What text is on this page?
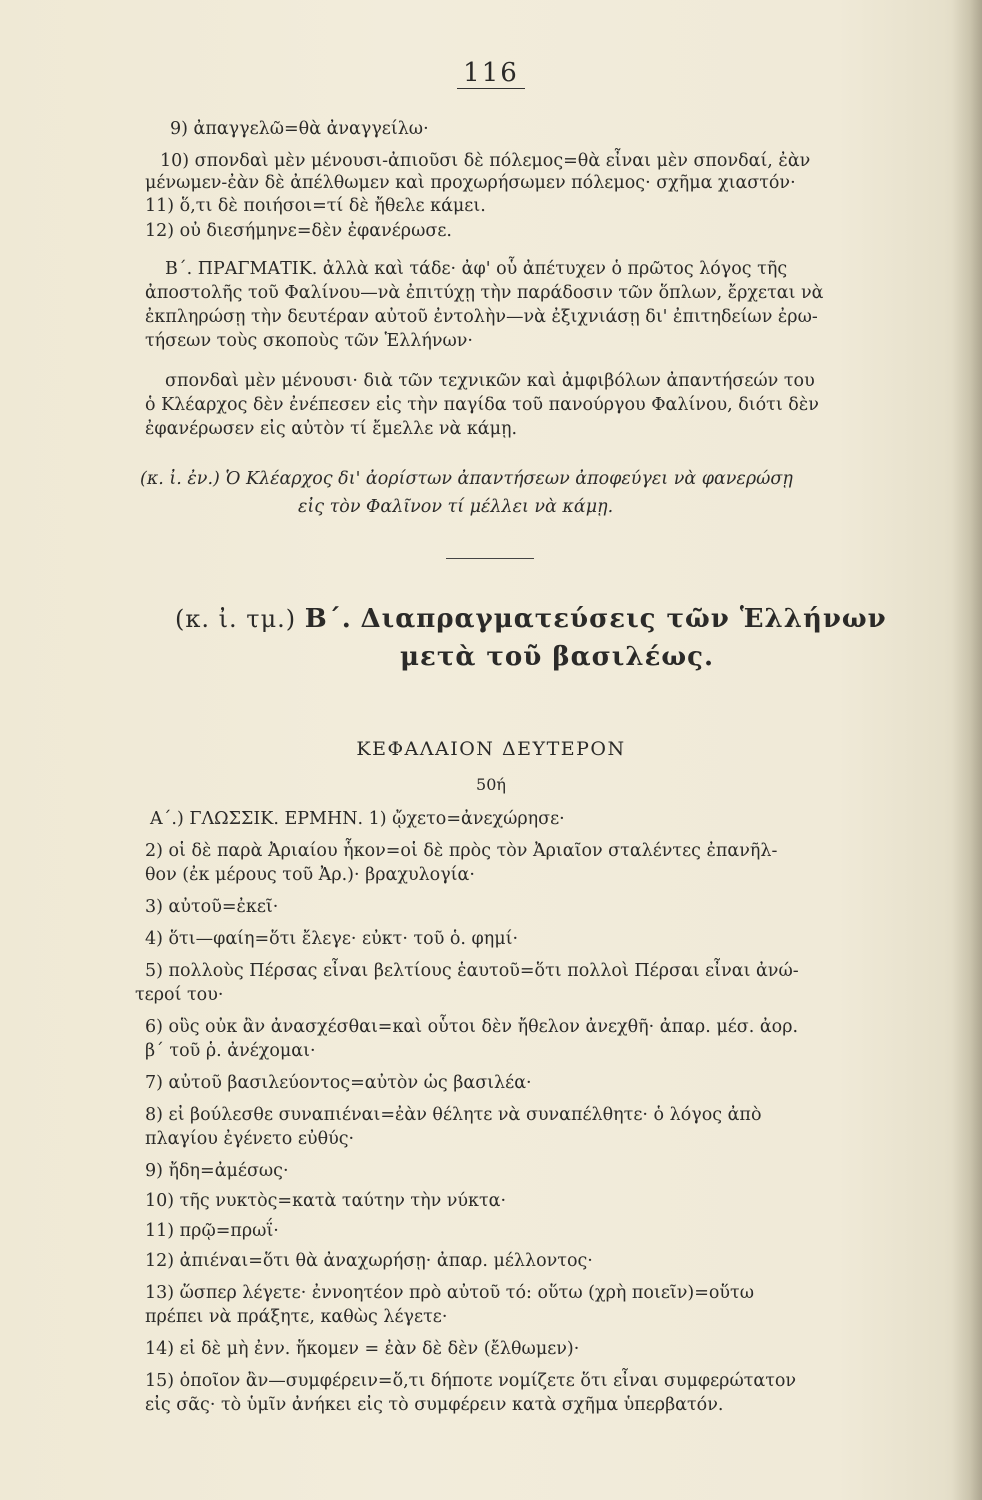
116
9) ἀπαγγελῶ=θὰ ἀναγγείλω·
10) σπονδαὶ μὲν μένουσι-ἀπιοῦσι δὲ πόλεμος=θὰ εἶναι μὲν σπονδαί, ἐὰν
μένωμεν-ἐὰν δὲ ἀπέλθωμεν καὶ προχωρήσωμεν πόλεμος· σχῆμα χιαστόν·
11) ὅ,τι δὲ ποιήσοι=τί δὲ ἤθελε κάμει.
12) οὐ διεσήμηνε=δὲν ἐφανέρωσε.
Β΄. ΠΡΑΓΜΑΤΙΚ. ἀλλὰ καὶ τάδε· ἀφ' οὗ ἀπέτυχεν ὁ πρῶτος λόγος τῆς
ἀποστολῆς τοῦ Φαλίνου—νὰ ἐπιτύχῃ τὴν παράδοσιν τῶν ὅπλων, ἔρχεται νὰ
ἐκπληρώσῃ τὴν δευτέραν αὐτοῦ ἐντολὴν—νὰ ἐξιχνιάσῃ δι' ἐπιτηδείων ἐρω-
τήσεων τοὺς σκοποὺς τῶν Ἑλλήνων·
σπονδαὶ μὲν μένουσι· διὰ τῶν τεχνικῶν καὶ ἀμφιβόλων ἀπαντήσεών του
ὁ Κλέαρχος δὲν ἐνέπεσεν εἰς τὴν παγίδα τοῦ πανούργου Φαλίνου, διότι δὲν
ἐφανέρωσεν εἰς αὐτὸν τί ἔμελλε νὰ κάμῃ.
(κ. ἰ. ἐν.) Ὁ Κλέαρχος δι' ἀορίστων ἀπαντήσεων ἀποφεύγει νὰ φανερώσῃ
εἰς τὸν Φαλῖνον τί μέλλει νὰ κάμῃ.
(κ. ἰ. τμ.) Β΄. Διαπραγματεύσεις τῶν Ἑλλήνων
μετὰ τοῦ βασιλέως.
ΚΕΦΑΛΑΙΟΝ ΔΕΥΤΕΡΟΝ
50ή
Α΄.) ΓΛΩΣΣΙΚ. ΕΡΜΗΝ. 1) ᾤχετο=ἀνεχώρησε·
2) οἱ δὲ παρὰ Ἀριαίου ἧκον=οἱ δὲ πρὸς τὸν Ἀριαῖον σταλέντες ἐπανῆλ-
θον (ἐκ μέρους τοῦ Ἀρ.)· βραχυλογία·
3) αὐτοῦ=ἐκεῖ·
4) ὅτι—φαίη=ὅτι ἔλεγε· εὐκτ· τοῦ ὁ. φημί·
5) πολλοὺς Πέρσας εἶναι βελτίους ἑαυτοῦ=ὅτι πολλοὶ Πέρσαι εἶναι ἀνώ-
τεροί του·
6) οὓς οὐκ ἂν ἀνασχέσθαι=καὶ οὗτοι δὲν ἤθελον ἀνεχθῆ· ἀπαρ. μέσ. ἀορ.
β΄ τοῦ ῥ. ἀνέχομαι·
7) αὐτοῦ βασιλεύοντος=αὐτὸν ὡς βασιλέα·
8) εἰ βούλεσθε συναπιέναι=ἐὰν θέλητε νὰ συναπέλθητε· ὁ λόγος ἀπὸ
πλαγίου ἐγένετο εὐθύς·
9) ἤδη=ἀμέσως·
10) τῆς νυκτὸς=κατὰ ταύτην τὴν νύκτα·
11) πρῷ=πρωΐ·
12) ἀπιέναι=ὅτι θὰ ἀναχωρήσῃ· ἀπαρ. μέλλοντος·
13) ὥσπερ λέγετε· ἐννοητέον πρὸ αὐτοῦ τό: οὕτω (χρὴ ποιεῖν)=οὕτω
πρέπει νὰ πράξητε, καθὼς λέγετε·
14) εἰ δὲ μὴ ἐνν. ἥκομεν = ἐὰν δὲ δὲν (ἔλθωμεν)·
15) ὁποῖον ἂν—συμφέρειν=ὅ,τι δήποτε νομίζετε ὅτι εἶναι συμφερώτατον
εἰς σᾶς· τὸ ὑμῖν ἀνήκει εἰς τὸ συμφέρειν κατὰ σχῆμα ὑπερβατόν.
